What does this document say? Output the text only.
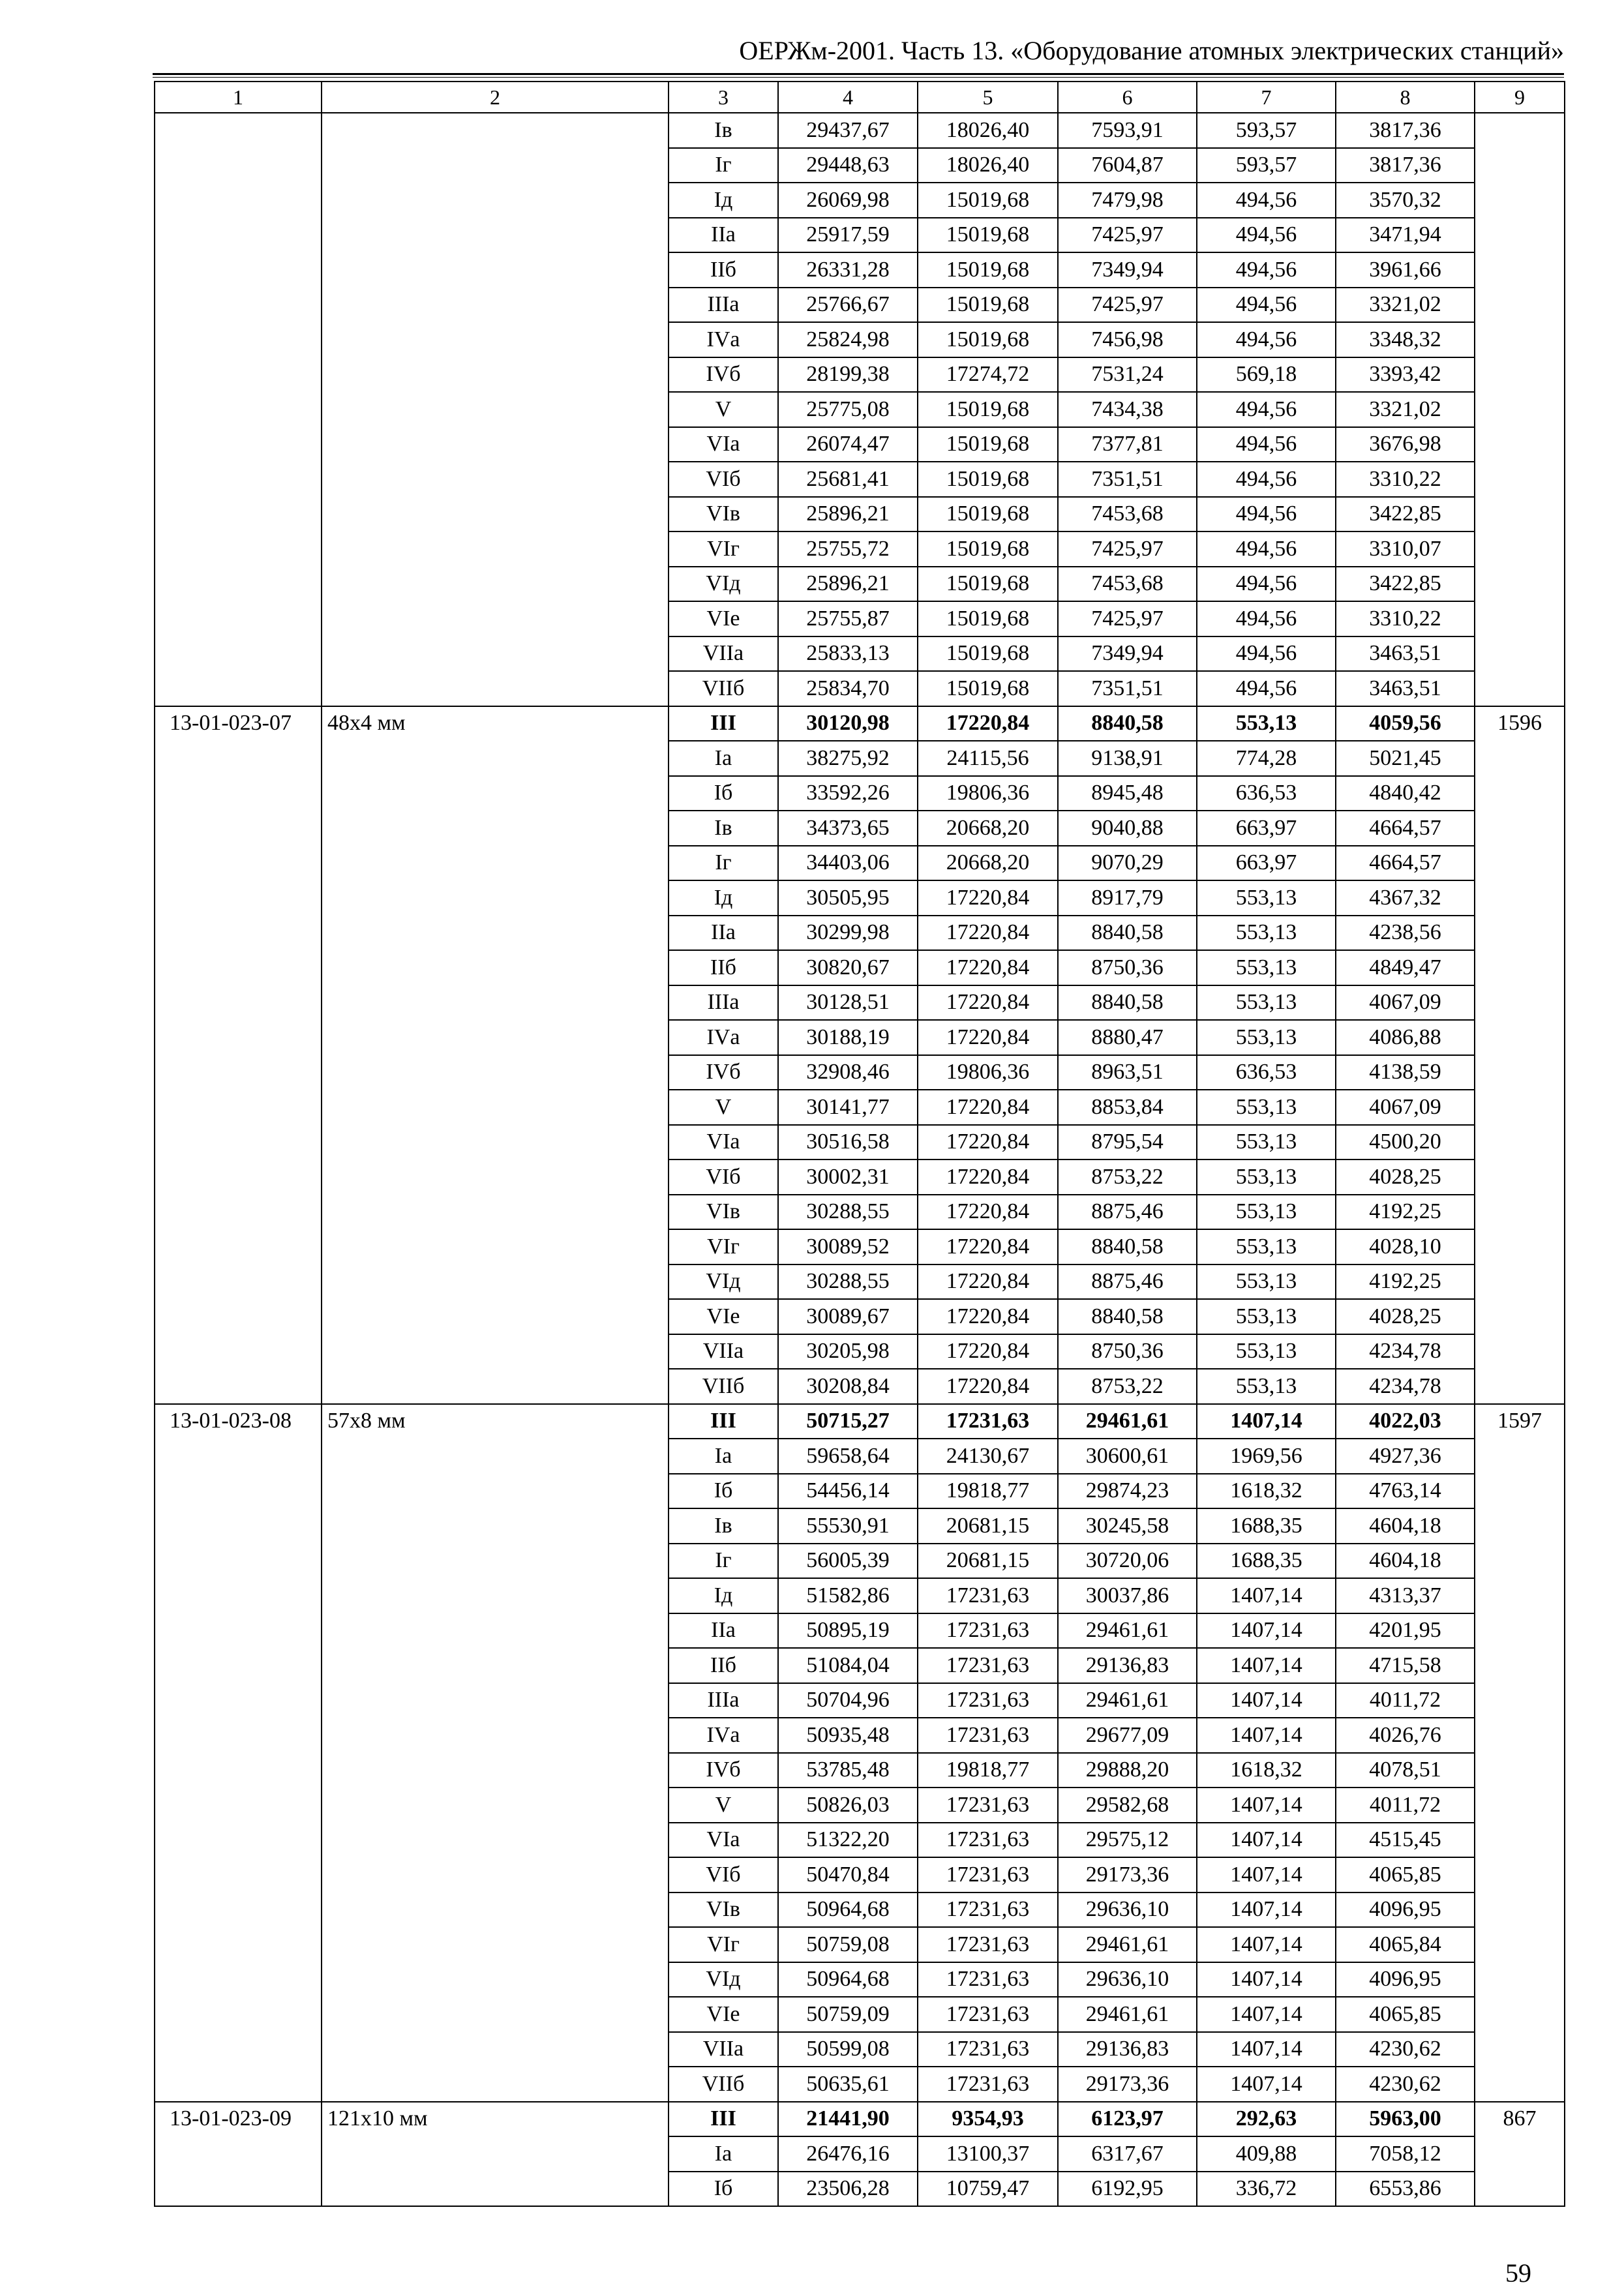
ОЕРЖм-2001. Часть 13. «Оборудование атомных электрических станций»
1	2	3	4	5	6	7	8	9
		Iв	29437,67	18026,40	7593,91	593,57	3817,36	
		Iг	29448,63	18026,40	7604,87	593,57	3817,36	
		Iд	26069,98	15019,68	7479,98	494,56	3570,32	
		IIа	25917,59	15019,68	7425,97	494,56	3471,94	
		IIб	26331,28	15019,68	7349,94	494,56	3961,66	
		IIIа	25766,67	15019,68	7425,97	494,56	3321,02	
		IVа	25824,98	15019,68	7456,98	494,56	3348,32	
		IVб	28199,38	17274,72	7531,24	569,18	3393,42	
		V	25775,08	15019,68	7434,38	494,56	3321,02	
		VIа	26074,47	15019,68	7377,81	494,56	3676,98	
		VIб	25681,41	15019,68	7351,51	494,56	3310,22	
		VIв	25896,21	15019,68	7453,68	494,56	3422,85	
		VIг	25755,72	15019,68	7425,97	494,56	3310,07	
		VIд	25896,21	15019,68	7453,68	494,56	3422,85	
		VIе	25755,87	15019,68	7425,97	494,56	3310,22	
		VIIа	25833,13	15019,68	7349,94	494,56	3463,51	
		VIIб	25834,70	15019,68	7351,51	494,56	3463,51	
13-01-023-07	48x4 мм	III	30120,98	17220,84	8840,58	553,13	4059,56	1596
		Iа	38275,92	24115,56	9138,91	774,28	5021,45	
		Iб	33592,26	19806,36	8945,48	636,53	4840,42	
		Iв	34373,65	20668,20	9040,88	663,97	4664,57	
		Iг	34403,06	20668,20	9070,29	663,97	4664,57	
		Iд	30505,95	17220,84	8917,79	553,13	4367,32	
		IIа	30299,98	17220,84	8840,58	553,13	4238,56	
		IIб	30820,67	17220,84	8750,36	553,13	4849,47	
		IIIа	30128,51	17220,84	8840,58	553,13	4067,09	
		IVа	30188,19	17220,84	8880,47	553,13	4086,88	
		IVб	32908,46	19806,36	8963,51	636,53	4138,59	
		V	30141,77	17220,84	8853,84	553,13	4067,09	
		VIа	30516,58	17220,84	8795,54	553,13	4500,20	
		VIб	30002,31	17220,84	8753,22	553,13	4028,25	
		VIв	30288,55	17220,84	8875,46	553,13	4192,25	
		VIг	30089,52	17220,84	8840,58	553,13	4028,10	
		VIд	30288,55	17220,84	8875,46	553,13	4192,25	
		VIе	30089,67	17220,84	8840,58	553,13	4028,25	
		VIIа	30205,98	17220,84	8750,36	553,13	4234,78	
		VIIб	30208,84	17220,84	8753,22	553,13	4234,78	
13-01-023-08	57x8 мм	III	50715,27	17231,63	29461,61	1407,14	4022,03	1597
		Iа	59658,64	24130,67	30600,61	1969,56	4927,36	
		Iб	54456,14	19818,77	29874,23	1618,32	4763,14	
		Iв	55530,91	20681,15	30245,58	1688,35	4604,18	
		Iг	56005,39	20681,15	30720,06	1688,35	4604,18	
		Iд	51582,86	17231,63	30037,86	1407,14	4313,37	
		IIа	50895,19	17231,63	29461,61	1407,14	4201,95	
		IIб	51084,04	17231,63	29136,83	1407,14	4715,58	
		IIIа	50704,96	17231,63	29461,61	1407,14	4011,72	
		IVа	50935,48	17231,63	29677,09	1407,14	4026,76	
		IVб	53785,48	19818,77	29888,20	1618,32	4078,51	
		V	50826,03	17231,63	29582,68	1407,14	4011,72	
		VIа	51322,20	17231,63	29575,12	1407,14	4515,45	
		VIб	50470,84	17231,63	29173,36	1407,14	4065,85	
		VIв	50964,68	17231,63	29636,10	1407,14	4096,95	
		VIг	50759,08	17231,63	29461,61	1407,14	4065,84	
		VIд	50964,68	17231,63	29636,10	1407,14	4096,95	
		VIе	50759,09	17231,63	29461,61	1407,14	4065,85	
		VIIа	50599,08	17231,63	29136,83	1407,14	4230,62	
		VIIб	50635,61	17231,63	29173,36	1407,14	4230,62	
13-01-023-09	121x10 мм	III	21441,90	9354,93	6123,97	292,63	5963,00	867
		Iа	26476,16	13100,37	6317,67	409,88	7058,12	
		Iб	23506,28	10759,47	6192,95	336,72	6553,86	
59
